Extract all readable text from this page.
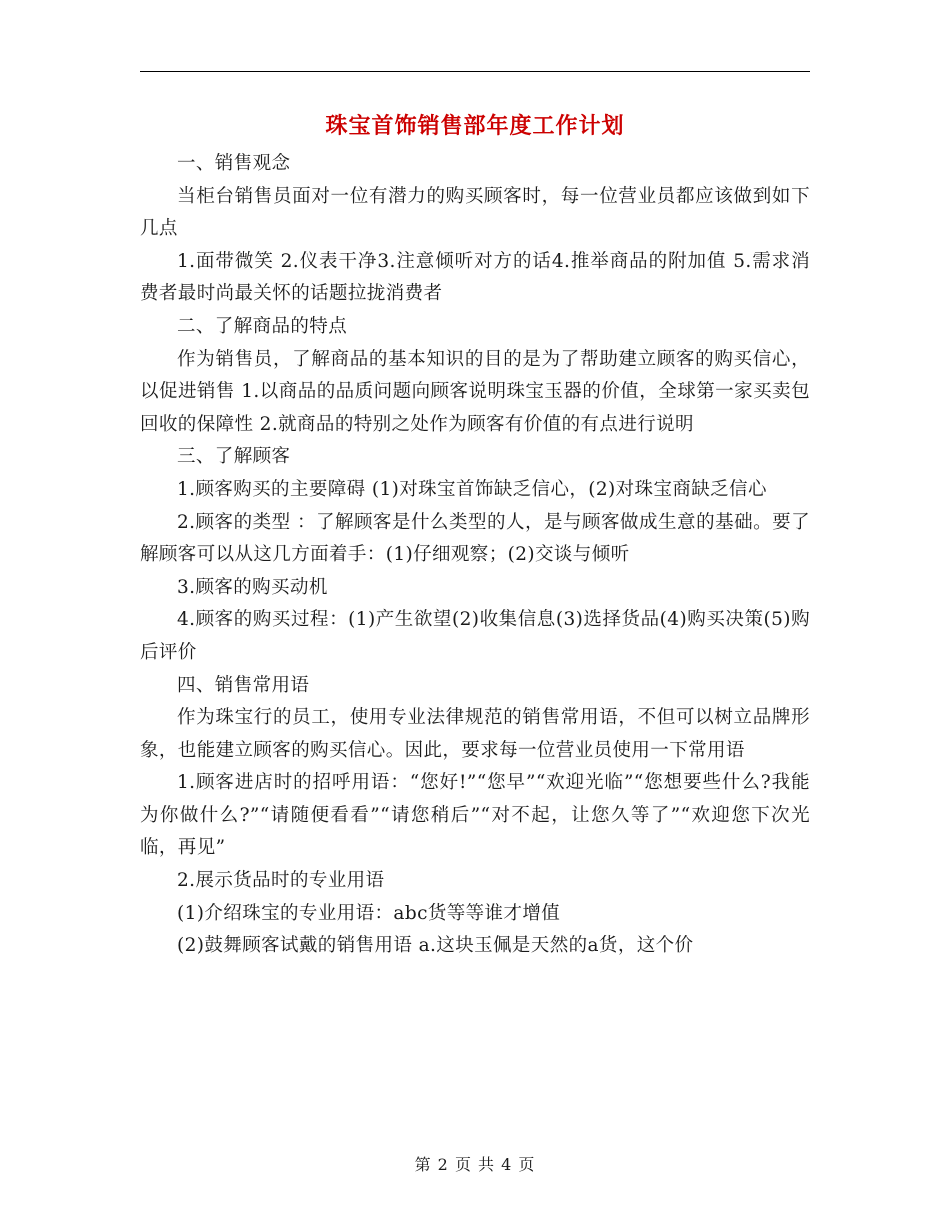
珠宝首饰销售部年度工作计划

一、销售观念

当柜台销售员面对一位有潜力的购买顾客时，每一位营业员都应该做到如下几点

1.面带微笑 2.仪表干净3.注意倾听对方的话4.推举商品的附加值 5.需求消费者最时尚最关怀的话题拉拢消费者

二、了解商品的特点

作为销售员，了解商品的基本知识的目的是为了帮助建立顾客的购买信心，以促进销售 1.以商品的品质问题向顾客说明珠宝玉器的价值，全球第一家买卖包回收的保障性 2.就商品的特别之处作为顾客有价值的有点进行说明

三、了解顾客

1.顾客购买的主要障碍 (1)对珠宝首饰缺乏信心，(2)对珠宝商缺乏信心

2.顾客的类型 ：了解顾客是什么类型的人，是与顾客做成生意的基础。要了解顾客可以从这几方面着手：(1)仔细观察；(2)交谈与倾听

3.顾客的购买动机

4.顾客的购买过程：(1)产生欲望(2)收集信息(3)选择货品(4)购买决策(5)购后评价

四、销售常用语

作为珠宝行的员工，使用专业法律规范的销售常用语，不但可以树立品牌形象，也能建立顾客的购买信心。因此，要求每一位营业员使用一下常用语

1.顾客进店时的招呼用语：“您好!”“您早”“欢迎光临”“您想要些什么?我能为你做什么?”“请随便看看”“请您稍后”“对不起，让您久等了”“欢迎您下次光临，再见”

2.展示货品时的专业用语

(1)介绍珠宝的专业用语：abc货等等谁才增值

(2)鼓舞顾客试戴的销售用语 a.这块玉佩是天然的a货，这个价

第 2 页 共 4 页
